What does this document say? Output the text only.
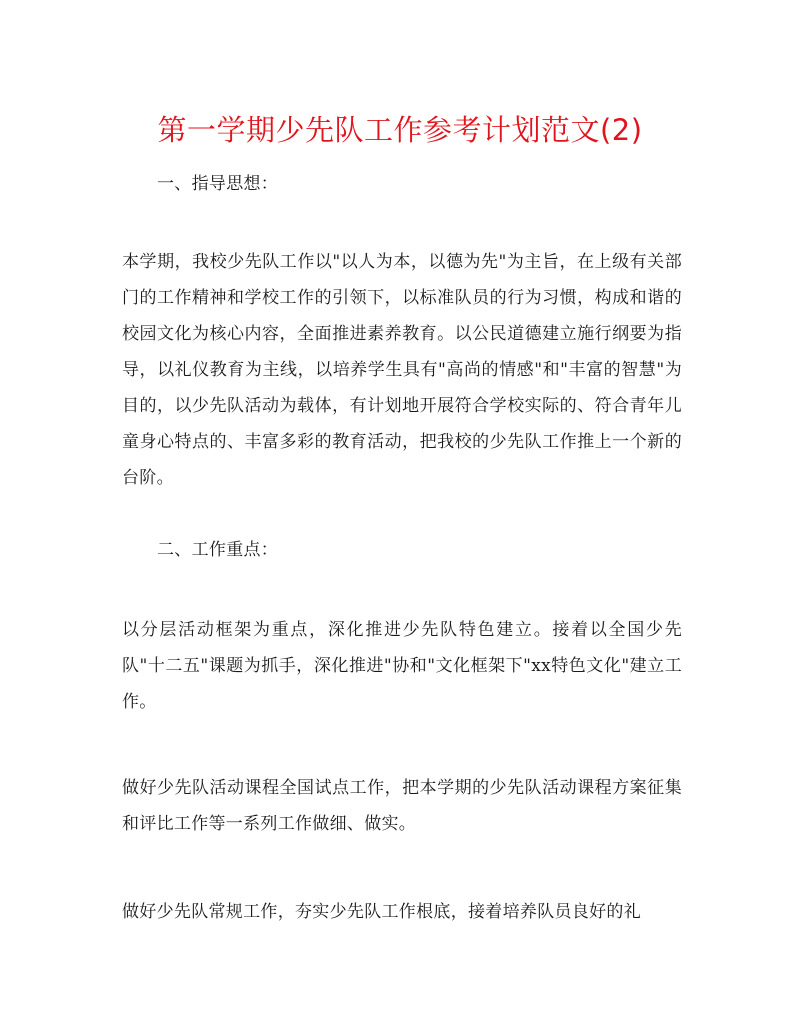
第一学期少先队工作参考计划范文(2)

一、指导思想：

本学期，我校少先队工作以"以人为本，以德为先"为主旨，在上级有关部门的工作精神和学校工作的引领下，以标准队员的行为习惯，构成和谐的校园文化为核心内容，全面推进素养教育。以公民道德建立施行纲要为指导，以礼仪教育为主线，以培养学生具有"高尚的情感"和"丰富的智慧"为目的，以少先队活动为载体，有计划地开展符合学校实际的、符合青年儿童身心特点的、丰富多彩的教育活动，把我校的少先队工作推上一个新的台阶。

二、工作重点：

以分层活动框架为重点，深化推进少先队特色建立。接着以全国少先队"十二五"课题为抓手，深化推进"协和"文化框架下"xx特色文化"建立工作。

做好少先队活动课程全国试点工作，把本学期的少先队活动课程方案征集和评比工作等一系列工作做细、做实。

做好少先队常规工作，夯实少先队工作根底，接着培养队员良好的礼
